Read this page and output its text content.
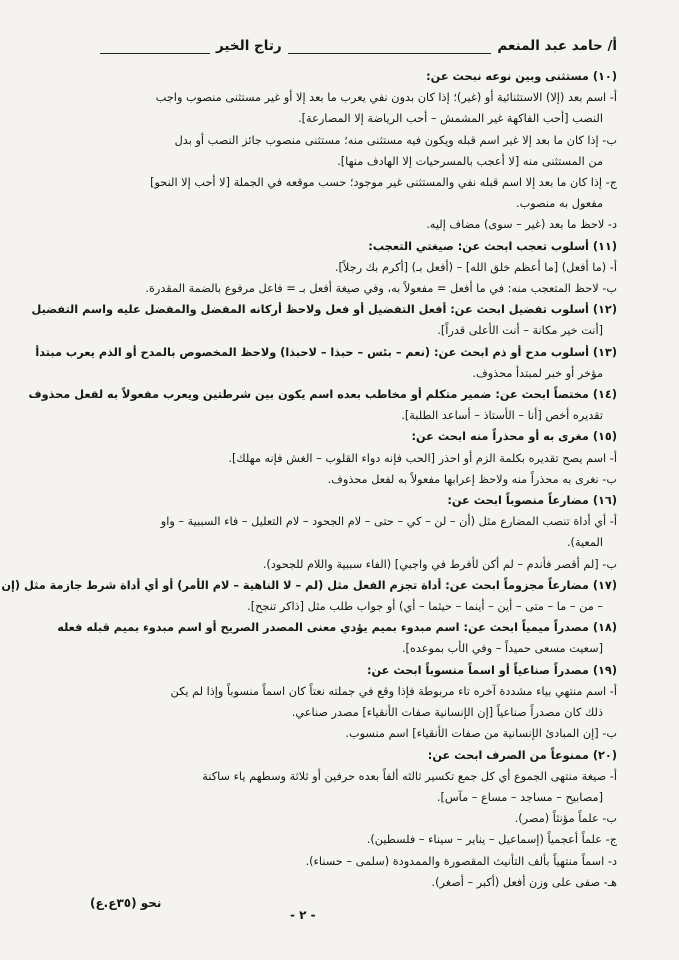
أ/ حامد عبد المنعم
رتاج الخير
(١٠) مستثنى وبين نوعه نبحث عن:
أ- اسم بعد (إلا) الاستثنائية أو (غير)؛ إذا كان بدون نفي يعرب ما بعد إلا أو غير مستثنى منصوب واجب
النصب [أحب الفاكهة غير المشمش – أحب الرياضة إلا المصارعة].
ب- إذا كان ما بعد إلا غير اسم قبله ويكون فيه مستثنى منه؛ مستثنى منصوب جائز النصب أو بدل
من المستثنى منه [لا أعجب بالمسرحيات إلا الهادف منها].
ج- إذا كان ما بعد إلا اسم قبله نفي والمستثنى غير موجود؛ حسب موقعه في الجملة [لا أحب إلا النحو]
مفعول به منصوب.
د- لاحظ ما بعد (غير – سوى) مضاف إليه.
(١١) أسلوب تعجب ابحث عن: صيغتي التعجب:
أ- (ما أفعل) [ما أعظم خلق الله] – (أفعل بـ) [أكرم بك رجلاً].
ب- لاحظ المتعجب منه: في ما أفعل = مفعولاً به، وفي صيغة أفعل بـ = فاعل مرفوع بالضمة المقدرة.
(١٢) أسلوب تفضيل ابحث عن: أفعل التفضيل أو فعل ولاحظ أركانه المفضل والمفضل عليه واسم التفضيل
[أنت خير مكانة – أنت الأعلى قدراً].
(١٣) أسلوب مدح أو ذم ابحث عن: (نعم – بئس – حبذا – لاحبذا) ولاحظ المخصوص بالمدح أو الذم يعرب مبتدأ
مؤخر أو خبر لمبتدأ محذوف.
(١٤) مختصاً ابحث عن: ضمير متكلم أو مخاطب بعده اسم يكون بين شرطتين ويعرب مفعولاً به لفعل محذوف
تقديره أخص [أنا – الأستاذ – أساعد الطلبة].
(١٥) مغرى به أو محذراً منه ابحث عن:
أ- اسم يصح تقديره بكلمة الزم أو احذر [الحب فإنه دواء القلوب – الغش فإنه مهلك].
ب- نغرى به محذراً منه ولاحظ إعرابها مفعولاً به لفعل محذوف.
(١٦) مضارعاً منصوباً ابحث عن:
أ- أي أداة تنصب المضارع مثل (أن – لن – كي – حتى – لام الجحود – لام التعليل – فاء السببية – واو
المعية).
ب- [لم أقصر فأندم – لم أكن لأفرط في واجبي] (الفاء سببية واللام للجحود).
(١٧) مضارعاً مجزوماً ابحث عن: أداة تجزم الفعل مثل (لم – لا الناهية – لام الأمر) أو أي أداة شرط جازمة مثل (إن
– من – ما – متى – أين – أينما – حيثما – أي) أو جواب طلب مثل [ذاكر تنجح].
(١٨) مصدراً ميمياً ابحث عن: اسم مبدوء بميم يؤدي معنى المصدر الصريح أو اسم مبدوء بميم قبله فعله
[سعيت مسعى حميداً – وفي الأب بموعده].
(١٩) مصدراً صناعياً أو اسماً منسوباً ابحث عن:
أ- اسم منتهي بياء مشددة آخره تاء مربوطة فإذا وقع في جملته نعتاً كان اسماً منسوباً وإذا لم يكن
ذلك كان مصدراً صناعياً [إن الإنسانية صفات الأنقياء] مصدر صناعي.
ب- [إن المبادئ الإنسانية من صفات الأنقياء] اسم منسوب.
(٢٠) ممنوعاً من الصرف ابحث عن:
أ- صيغة منتهى الجموع أي كل جمع تكسير ثالثه ألفاً بعده حرفين أو ثلاثة وسطهم ياء ساكنة
[مصابيح – مساجد – مساع – مآس].
ب- علماً مؤنثاً (مصر).
ج- علماً أعجمياً (إسماعيل – يناير – سيناء – فلسطين).
د- اسماً منتهياً بألف التأنيث المقصورة والممدودة (سلمى – حسناء).
هـ- صفى على وزن أفعل (أكبر – أصغر).
نحو (٣٥ع.ع)
- ٢ -
